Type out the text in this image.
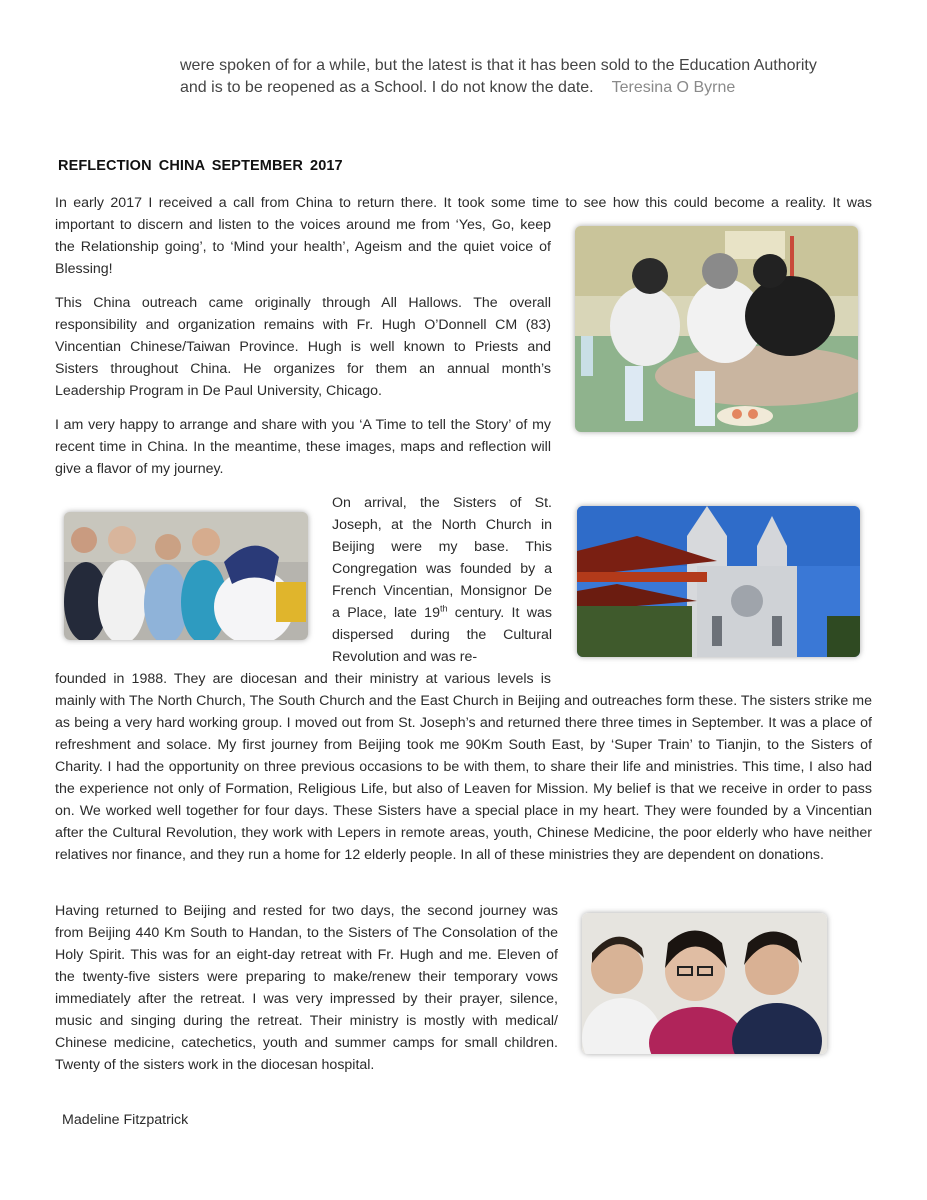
were spoken of for a while, but the latest is that it has been sold to the Education Authority
and is to be reopened as a School. I do not know the date. Teresina O Byrne
REFLECTION CHINA SEPTEMBER 2017
In early 2017 I received a call from China to return there. It took some time to see how this could become a reality. It was
important to discern and listen to the voices around me from ‘Yes, Go, keep the Relationship going’, to ‘Mind your health’, Ageism and the quiet voice of Blessing!
This China outreach came originally through All Hallows. The overall responsibility and organization remains with Fr. Hugh O’Donnell CM (83) Vincentian Chinese/Taiwan Province. Hugh is well known to Priests and Sisters throughout China. He organizes for them an annual month’s Leadership Program in De Paul University, Chicago.
I am very happy to arrange and share with you ‘A Time to tell the Story’ of my recent time in China. In the meantime, these images, maps and reflection will give a flavor of my journey.
On arrival, the Sisters of St. Joseph, at the North Church in Beijing were my base. This Congregation was founded by a French Vincentian, Monsignor De a Place, late 19th century. It was dispersed during the Cultural Revolution and was re-
founded in 1988. They are diocesan and their ministry at various levels is
mainly with The North Church, The South Church and the East Church in Beijing and outreaches form these. The sisters strike me as being a very hard working group. I moved out from St. Joseph’s and returned there three times in September. It was a place of refreshment and solace. My first journey from Beijing took me 90Km South East, by ‘Super Train’ to Tianjin, to the Sisters of Charity. I had the opportunity on three previous occasions to be with them, to share their life and ministries. This time, I also had the experience not only of Formation, Religious Life, but also of Leaven for Mission. My belief is that we receive in order to pass on. We worked well together for four days. These Sisters have a special place in my heart. They were founded by a Vincentian after the Cultural Revolution, they work with Lepers in remote areas, youth, Chinese Medicine, the poor elderly who have neither relatives nor finance, and they run a home for 12 elderly people. In all of these ministries they are dependent on donations.
Having returned to Beijing and rested for two days, the second journey was from Beijing 440 Km South to Handan, to the Sisters of The Consolation of the Holy Spirit. This was for an eight-day retreat with Fr. Hugh and me. Eleven of the twenty-five sisters were preparing to make/renew their temporary vows immediately after the retreat. I was very impressed by their prayer, silence, music and singing during the retreat. Their ministry is mostly with medical/ Chinese medicine, catechetics, youth and summer camps for small children. Twenty of the sisters work in the diocesan hospital.
Madeline Fitzpatrick
